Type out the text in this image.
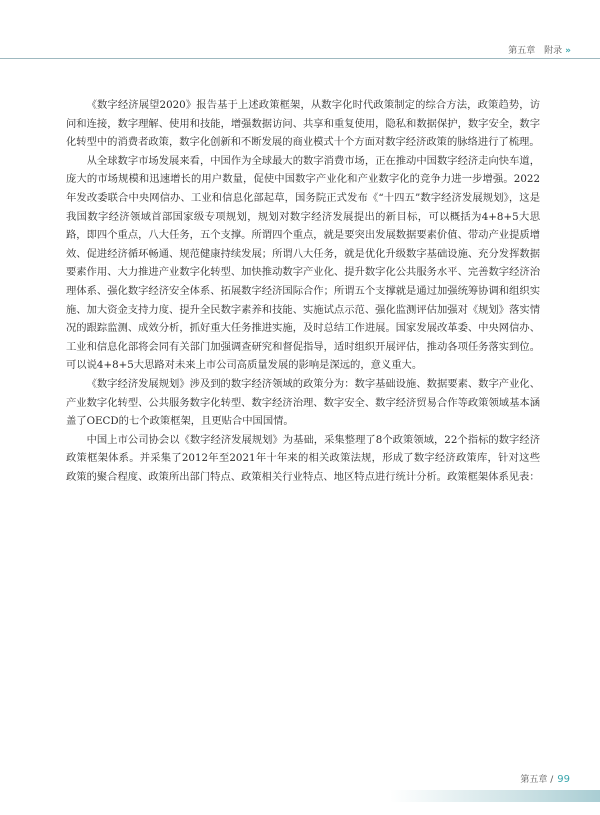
第五章 附录 »

《数字经济展望2020》报告基于上述政策框架，从数字化时代政策制定的综合方法，政策趋势，访问和连接，数字理解、使用和技能，增强数据访问、共享和重复使用，隐私和数据保护，数字安全，数字化转型中的消费者政策，数字化创新和不断发展的商业模式十个方面对数字经济政策的脉络进行了梳理。

从全球数字市场发展来看，中国作为全球最大的数字消费市场，正在推动中国数字经济走向快车道，庞大的市场规模和迅速增长的用户数量，促使中国数字产业化和产业数字化的竞争力进一步增强。2022年发改委联合中央网信办、工业和信息化部起草，国务院正式发布《“十四五”数字经济发展规划》，这是我国数字经济领域首部国家级专项规划，规划对数字经济发展提出的新目标，可以概括为4+8+5大思路，即四个重点，八大任务，五个支撑。所谓四个重点，就是要突出发展数据要素价值、带动产业提质增效、促进经济循环畅通、规范健康持续发展；所谓八大任务，就是优化升级数字基础设施、充分发挥数据要素作用、大力推进产业数字化转型、加快推动数字产业化、提升数字化公共服务水平、完善数字经济治理体系、强化数字经济安全体系、拓展数字经济国际合作；所谓五个支撑就是通过加强统筹协调和组织实施、加大资金支持力度、提升全民数字素养和技能、实施试点示范、强化监测评估加强对《规划》落实情况的跟踪监测、成效分析，抓好重大任务推进实施，及时总结工作进展。国家发展改革委、中央网信办、工业和信息化部将会同有关部门加强调查研究和督促指导，适时组织开展评估，推动各项任务落实到位。可以说4+8+5大思路对未来上市公司高质量发展的影响是深远的，意义重大。

《数字经济发展规划》涉及到的数字经济领域的政策分为：数字基础设施、数据要素、数字产业化、产业数字化转型、公共服务数字化转型、数字经济治理、数字安全、数字经济贸易合作等政策领域基本涵盖了OECD的七个政策框架，且更贴合中国国情。

中国上市公司协会以《数字经济发展规划》为基础，采集整理了8个政策领域，22个指标的数字经济政策框架体系。并采集了2012年至2021年十年来的相关政策法规，形成了数字经济政策库，针对这些政策的聚合程度、政策所出部门特点、政策相关行业特点、地区特点进行统计分析。政策框架体系见表：

第五章 / 99
